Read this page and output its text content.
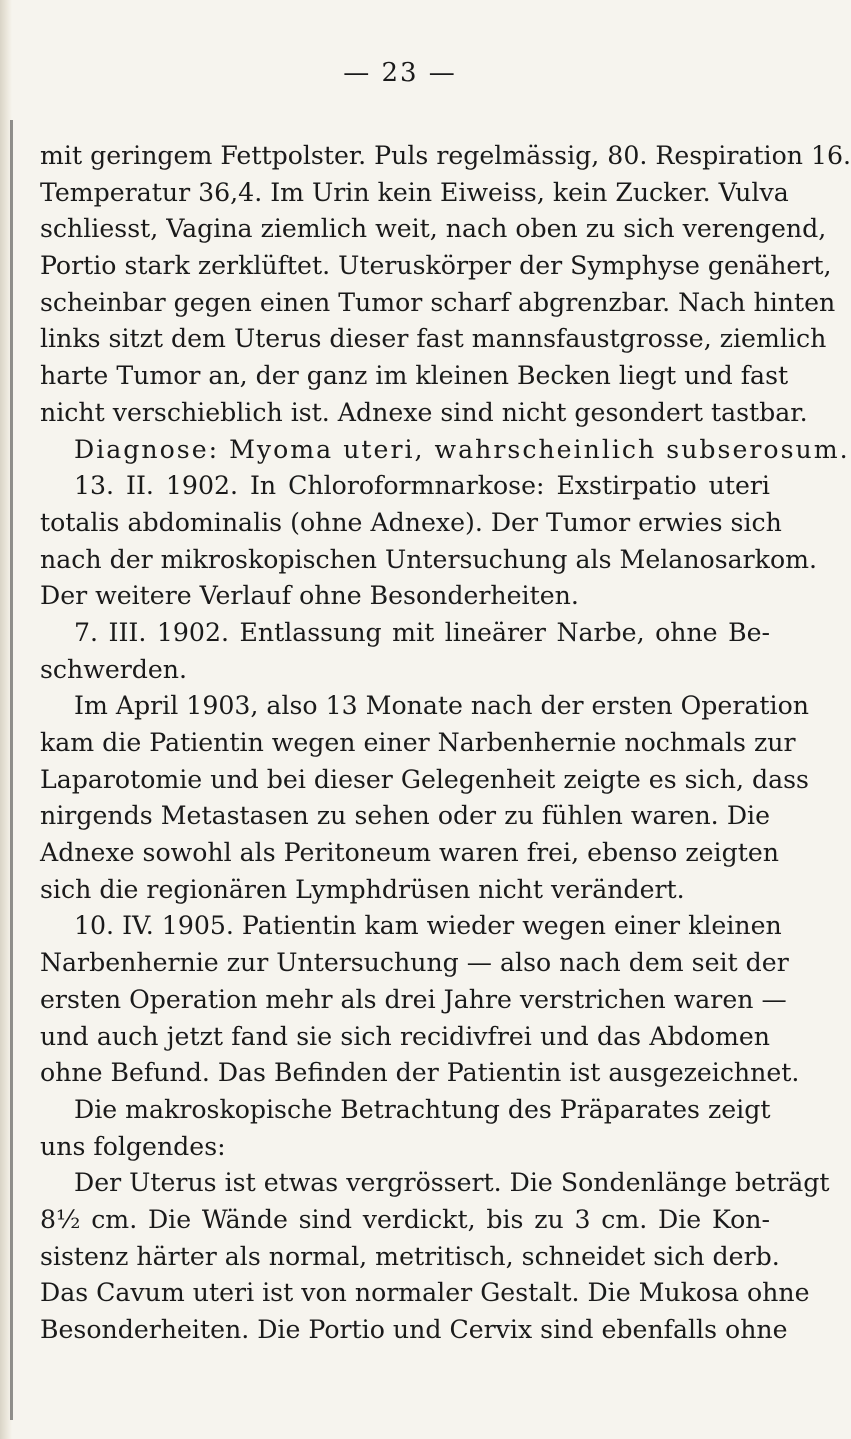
— 23 —
mit geringem Fettpolster. Puls regelmässig, 80. Respiration 16.
Temperatur 36,4. Im Urin kein Eiweiss, kein Zucker. Vulva
schliesst, Vagina ziemlich weit, nach oben zu sich verengend,
Portio stark zerklüftet. Uteruskörper der Symphyse genähert,
scheinbar gegen einen Tumor scharf abgrenzbar. Nach hinten
links sitzt dem Uterus dieser fast mannsfaustgrosse, ziemlich
harte Tumor an, der ganz im kleinen Becken liegt und fast
nicht verschieblich ist. Adnexe sind nicht gesondert tastbar.
Diagnose: Myoma uteri, wahrscheinlich subserosum.
13. II. 1902. In Chloroformnarkose: Exstirpatio uteri
totalis abdominalis (ohne Adnexe). Der Tumor erwies sich
nach der mikroskopischen Untersuchung als Melanosarkom.
Der weitere Verlauf ohne Besonderheiten.
7. III. 1902. Entlassung mit lineärer Narbe, ohne Be-
schwerden.
Im April 1903, also 13 Monate nach der ersten Operation
kam die Patientin wegen einer Narbenhernie nochmals zur
Laparotomie und bei dieser Gelegenheit zeigte es sich, dass
nirgends Metastasen zu sehen oder zu fühlen waren. Die
Adnexe sowohl als Peritoneum waren frei, ebenso zeigten
sich die regionären Lymphdrüsen nicht verändert.
10. IV. 1905. Patientin kam wieder wegen einer kleinen
Narbenhernie zur Untersuchung — also nach dem seit der
ersten Operation mehr als drei Jahre verstrichen waren —
und auch jetzt fand sie sich recidivfrei und das Abdomen
ohne Befund. Das Befinden der Patientin ist ausgezeichnet.
Die makroskopische Betrachtung des Präparates zeigt
uns folgendes:
Der Uterus ist etwas vergrössert. Die Sondenlänge beträgt
8½ cm. Die Wände sind verdickt, bis zu 3 cm. Die Kon-
sistenz härter als normal, metritisch, schneidet sich derb.
Das Cavum uteri ist von normaler Gestalt. Die Mukosa ohne
Besonderheiten. Die Portio und Cervix sind ebenfalls ohne
